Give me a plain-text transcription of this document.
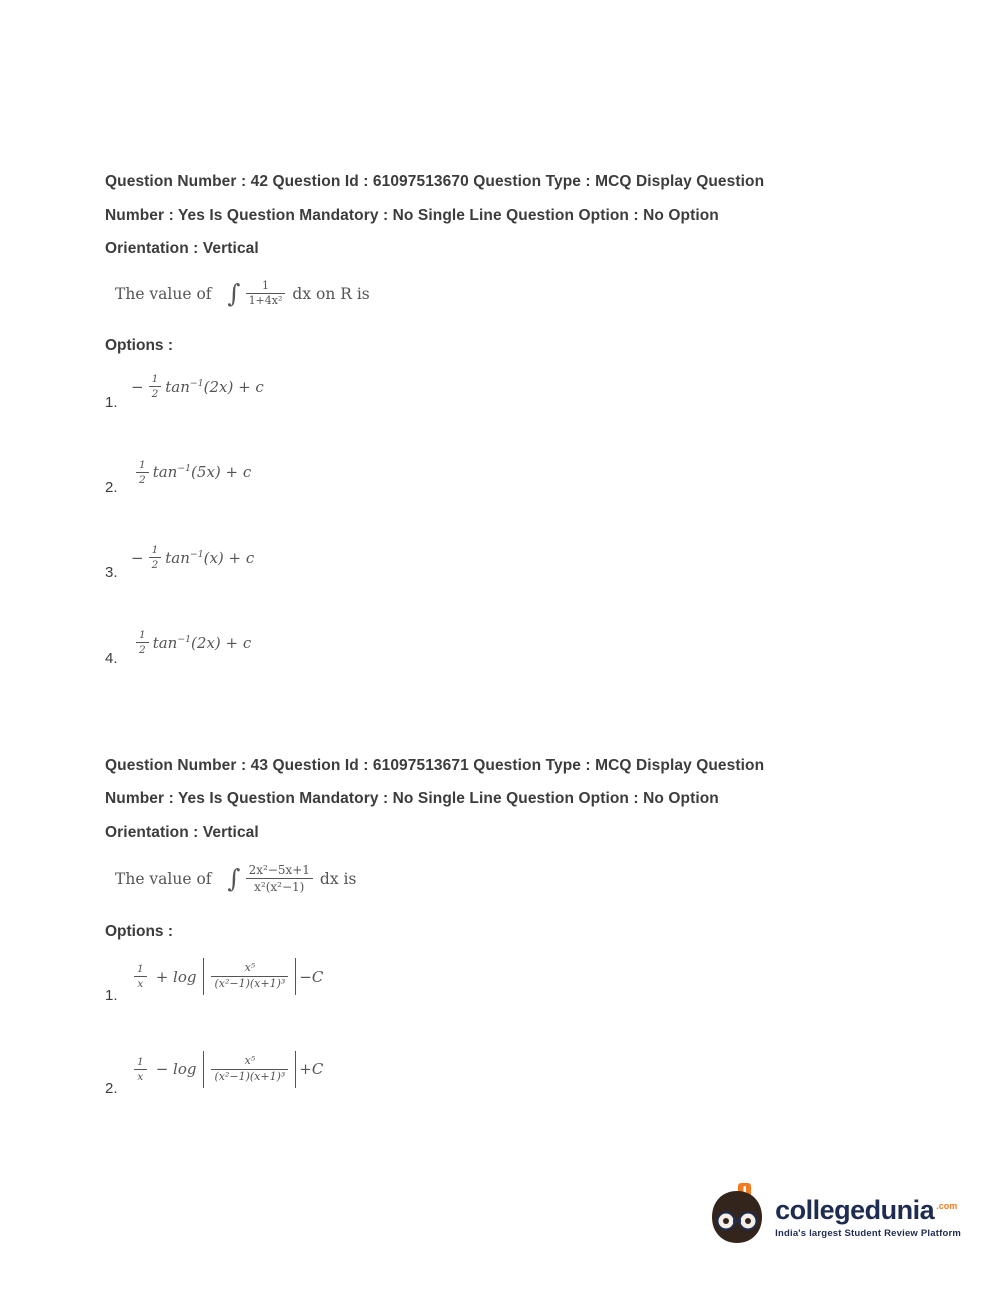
Question Number : 42 Question Id : 61097513670 Question Type : MCQ Display Question
Number : Yes Is Question Mandatory : No Single Line Question Option : No Option
Orientation : Vertical
The value of ∫ $\frac{1}{\text{1+4x²}}$ dx on R is
Options :
1.
− $\frac{1}{2} \tan^{-1}(2x) + c$
2.
$\frac{1}{2} \tan^{-1}(5x) + c$
3.
− $\frac{1}{2} \tan^{-1}(x) + c$
4.
$\frac{1}{2} \tan^{-1}(2x) + c$
Question Number : 43 Question Id : 61097513671 Question Type : MCQ Display Question
Number : Yes Is Question Mandatory : No Single Line Question Option : No Option
Orientation : Vertical
The value of ∫ $\frac{\text{2x²−5x+1}}{\text{x²(x²−1)}}$ dx is
Options :
1.
$\frac{1}{x} + \log \frac{\text{x⁵}}{\text{(x²−1)(x+1)³}} -C$
2.
$\frac{1}{x} - \log \frac{\text{x⁵}}{\text{(x²−1)(x+1)³}} +C$
collegedunia $^{.com}$
India's largest Student Review Platform
